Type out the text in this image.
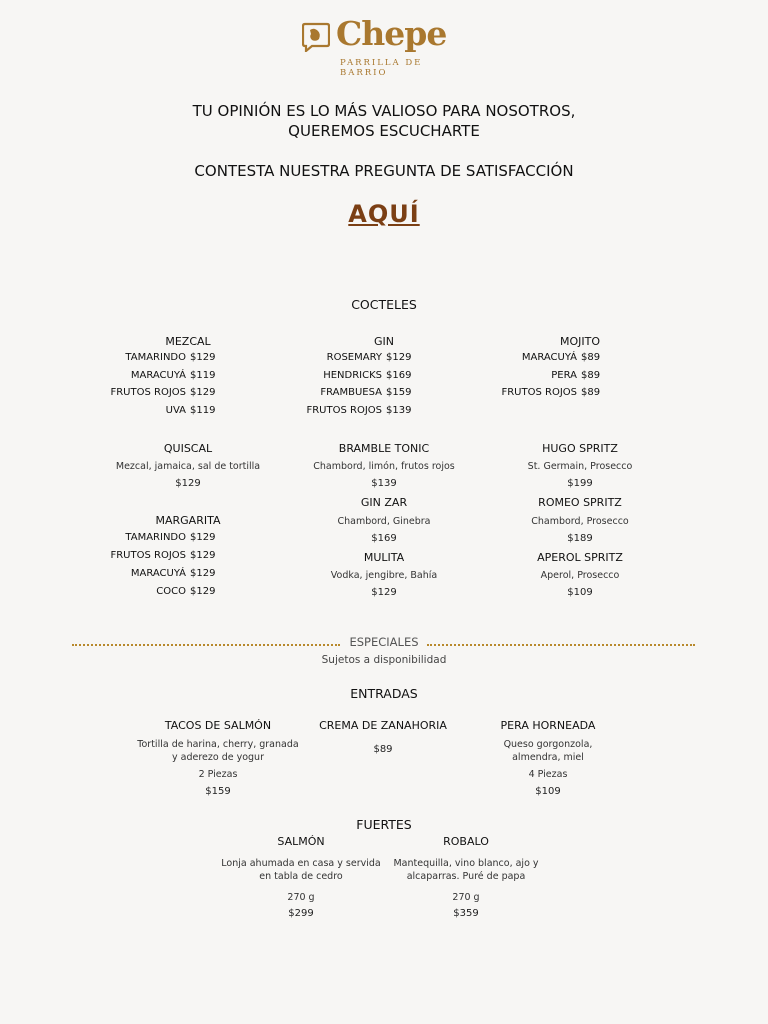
Chepe
PARRILLA DE BARRIO
TU OPINIÓN ES LO MÁS VALIOSO PARA NOSOTROS,
QUEREMOS ESCUCHARTE
CONTESTA NUESTRA PREGUNTA DE SATISFACCIÓN
AQUÍ
COCTELES
MEZCAL	GIN	MOJITO
TAMARINDO $129
MARACUYÁ $119
FRUTOS ROJOS $129
UVA $119
ROSEMARY $129
HENDRICKS $169
FRAMBUESA $159
FRUTOS ROJOS $139
MARACUYÁ $89
PERA $89
FRUTOS ROJOS $89
QUISCAL
Mezcal, jamaica, sal de tortilla
$129
BRAMBLE TONIC
Chambord, limón, frutos rojos
$139
HUGO SPRITZ
St. Germain, Prosecco
$199
GIN ZAR
Chambord, Ginebra
$169
ROMEO SPRITZ
Chambord, Prosecco
$189
MARGARITA
TAMARINDO $129
FRUTOS ROJOS $129
MARACUYÁ $129
COCO $129
MULITA
Vodka, jengibre, Bahía
$129
APEROL SPRITZ
Aperol, Prosecco
$109
ESPECIALES
Sujetos a disponibilidad
ENTRADAS
TACOS DE SALMÓN
Tortilla de harina, cherry, granada
y aderezo de yogur
2 Piezas
$159
CREMA DE ZANAHORIA
$89
PERA HORNEADA
Queso gorgonzola,
almendra, miel
4 Piezas
$109
FUERTES
SALMÓN
Lonja ahumada en casa y servida
en tabla de cedro
270 g
$299
ROBALO
Mantequilla, vino blanco, ajo y
alcaparras. Puré de papa
270 g
$359
